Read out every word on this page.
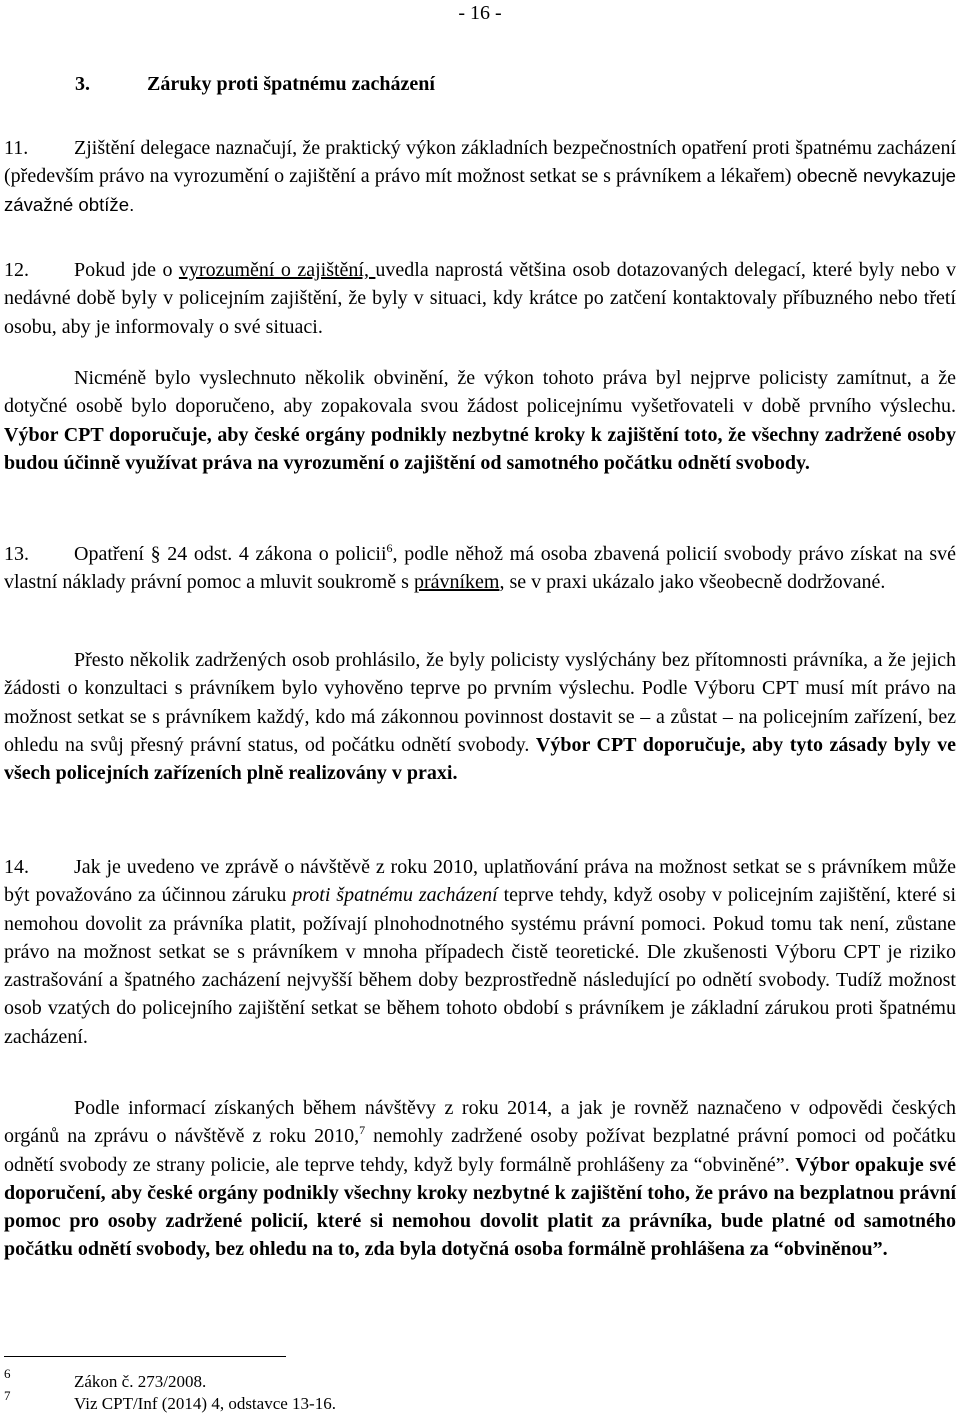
- 16 -
3.	Záruky proti špatnému zacházení

11. Zjištění delegace naznačují, že praktický výkon základních bezpečnostních opatření proti špatnému zacházení (především právo na vyrozumění o zajištění a právo mít možnost setkat se s právníkem a lékařem) obecně nevykazuje závažné obtíže.

12. Pokud jde o vyrozumění o zajištění, uvedla naprostá většina osob dotazovaných delegací, které byly nebo v nedávné době byly v policejním zajištění, že byly v situaci, kdy krátce po zatčení kontaktovaly příbuzného nebo třetí osobu, aby je informovaly o své situaci.

Nicméně bylo vyslechnuto několik obvinění, že výkon tohoto práva byl nejprve policisty zamítnut, a že dotyčné osobě bylo doporučeno, aby zopakovala svou žádost policejnímu vyšetřovateli v době prvního výslechu. Výbor CPT doporučuje, aby české orgány podnikly nezbytné kroky k zajištění toto, že všechny zadržené osoby budou účinně využívat práva na vyrozumění o zajištění od samotného počátku odnětí svobody.

13. Opatření § 24 odst. 4 zákona o policii$^6$, podle něhož má osoba zbavená policií svobody právo získat na své vlastní náklady právní pomoc a mluvit soukromě s právníkem, se v praxi ukázalo jako všeobecně dodržované.

Přesto několik zadržených osob prohlásilo, že byly policisty vyslýchány bez přítomnosti právníka, a že jejich žádosti o konzultaci s právníkem bylo vyhověno teprve po prvním výslechu. Podle Výboru CPT musí mít právo na možnost setkat se s právníkem každý, kdo má zákonnou povinnost dostavit se – a zůstat – na policejním zařízení, bez ohledu na svůj přesný právní status, od počátku odnětí svobody. Výbor CPT doporučuje, aby tyto zásady byly ve všech policejních zařízeních plně realizovány v praxi.

14. Jak je uvedeno ve zprávě o návštěvě z roku 2010, uplatňování práva na možnost setkat se s právníkem může být považováno za účinnou záruku proti špatnému zacházení teprve tehdy, když osoby v policejním zajištění, které si nemohou dovolit za právníka platit, požívají plnohodnotného systému právní pomoci. Pokud tomu tak není, zůstane právo na možnost setkat se s právníkem v mnoha případech čistě teoretické. Dle zkušenosti Výboru CPT je riziko zastrašování a špatného zacházení nejvyšší během doby bezprostředně následující po odnětí svobody. Tudíž možnost osob vzatých do policejního zajištění setkat se během tohoto období s právníkem je základní zárukou proti špatnému zacházení.

Podle informací získaných během návštěvy z roku 2014, a jak je rovněž naznačeno v odpovědi českých orgánů na zprávu o návštěvě z roku 2010,$^7$ nemohly zadržené osoby požívat bezplatné právní pomoci od počátku odnětí svobody ze strany policie, ale teprve tehdy, když byly formálně prohlášeny za “obviněné”. Výbor opakuje své doporučení, aby české orgány podnikly všechny kroky nezbytné k zajištění toho, že právo na bezplatnou právní pomoc pro osoby zadržené policií, které si nemohou dovolit platit za právníka, bude platné od samotného počátku odnětí svobody, bez ohledu na to, zda byla dotyčná osoba formálně prohlášena za “obviněnou”.

6	Zákon č. 273/2008.
7	Viz CPT/Inf (2014) 4, odstavce 13-16.
